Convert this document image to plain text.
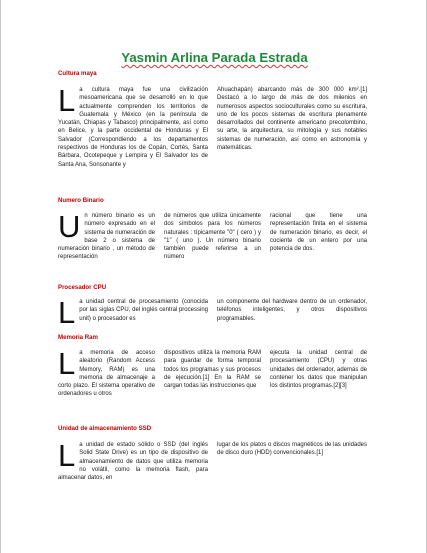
Yasmin Arlina Parada Estrada
Cultura maya
L a cultura maya fue una civilización mesoamericana que se desarrolló en lo que actualmente comprenden los territorios de Guatemala y México (en la península de Yucatán, Chiapas y Tabasco) principalmente, así como en Belice, y la parte occidental de Honduras y El Salvador (Correspondiendo a los departamentos respectivos de Honduras los de Copán, Cortés, Santa Bárbara, Ocotepeque y Lempira y El Salvador los de Santa Ana, Sonsonante y
Ahuachapán) abarcando más de 300 000 km².[1] Destacó a lo largo de más de dos milenios en numerosos aspectos socioculturales como su escritura, uno de los pocos sistemas de escritura plenamente desarrollados del continente americano precolombino, su arte, la arquitectura, su mitología y sus notables sistemas de numeración, así como en astronomía y matemáticas.
Numero Binario
U n número binario es un número expresado en el sistema de numeración de base 2 o sistema de numeración binario , un método de representación
de números que utiliza únicamente dos símbolos para los números naturales : típicamente "0" ( cero ) y "1" ( uno ). Un número binario también puede referirse a un número
racional que tiene una representación finita en el sistema de numeración binario, es decir, el cociente de un entero por una potencia de dos.
Procesador CPU
L a unidad central de procesamiento (conocida por las siglas CPU, del inglés central processing unit) o procesador es
un componente del hardware dentro de un ordenador, teléfonos inteligentes, y otros dispositivos programables.
Memoria Ram
L a memoria de acceso aleatorio (Random Access Memory, RAM) es una memoria de almacenaje a corto plazo. El sistema operativo de ordenadores u otros
dispositivos utiliza la memoria RAM para guardar de forma temporal todos los programas y sus procesos de ejecución.[1] En la RAM se cargan todas las instrucciones que
ejecuta la unidad central de procesamiento (CPU) y otras unidades del ordenador, además de contener los datos que manipulan los distintos programas.[2][3]
Unidad de almacenamiento SSD
L a unidad de estado sólido o SSD (del inglés Solid State Drive) es un tipo de dispositivo de almacenamiento de datos que utiliza memoria no volátil, como la memoria flash, para almacenar datos, en
lugar de los platos o discos magnéticos de las unidades de disco duro (HDD) convencionales.[1]
